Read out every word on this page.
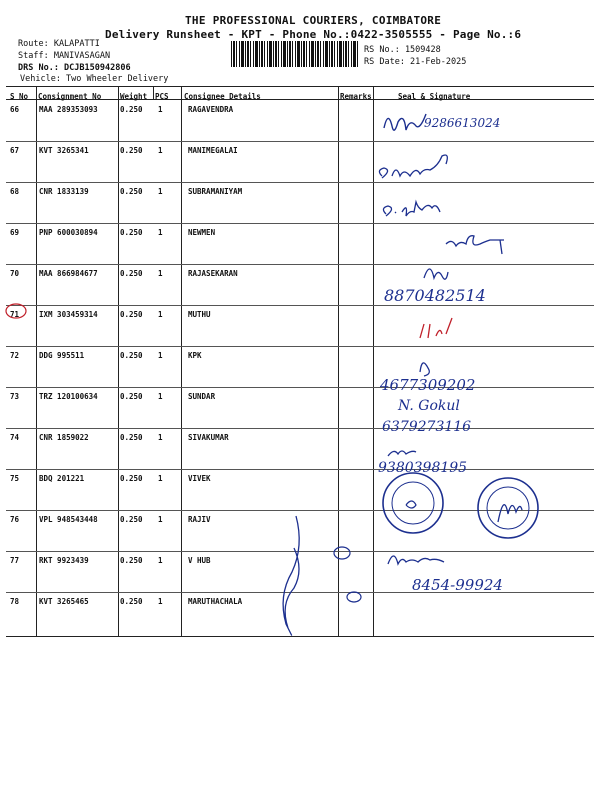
THE PROFESSIONAL COURIERS, COIMBATORE
Delivery Runsheet - KPT - Phone No.:0422-3505555 - Page No.:6
Route: KALAPATTI
Staff: MANIVASAGAN
DRS No.: DCJB150942806
Vehicle: Two Wheeler Delivery
RS No.: 1509428
RS Date: 21-Feb-2025
S No Consignment No	Weight PCS Consignee Details	Remarks	Seal & Signature
66	MAA 289353093	0.250 1	RAGAVENDRA
67	KVT 3265341	0.250 1	MANIMEGALAI
68	CNR 1833139	0.250 1	SUBRAMANIYAM
69	PNP 600030894	0.250 1	NEWMEN
70	MAA 866984677	0.250 1	RAJASEKARAN
71	IXM 303459314	0.250 1	MUTHU
72	DDG 995511	0.250 1	KPK
73	TRZ 120100634	0.250 1	SUNDAR
74	CNR 1859022	0.250 1	SIVAKUMAR
75	BDQ 201221	0.250 1	VIVEK
76	VPL 948543448	0.250 1	RAJIV
77	RKT 9923439	0.250 1	V HUB
78	KVT 3265465	0.250 1	MARUTHACHALA
9286613024
8870482514
4677309202
N. Gokul
6379273116
9380398195
8454-99924
